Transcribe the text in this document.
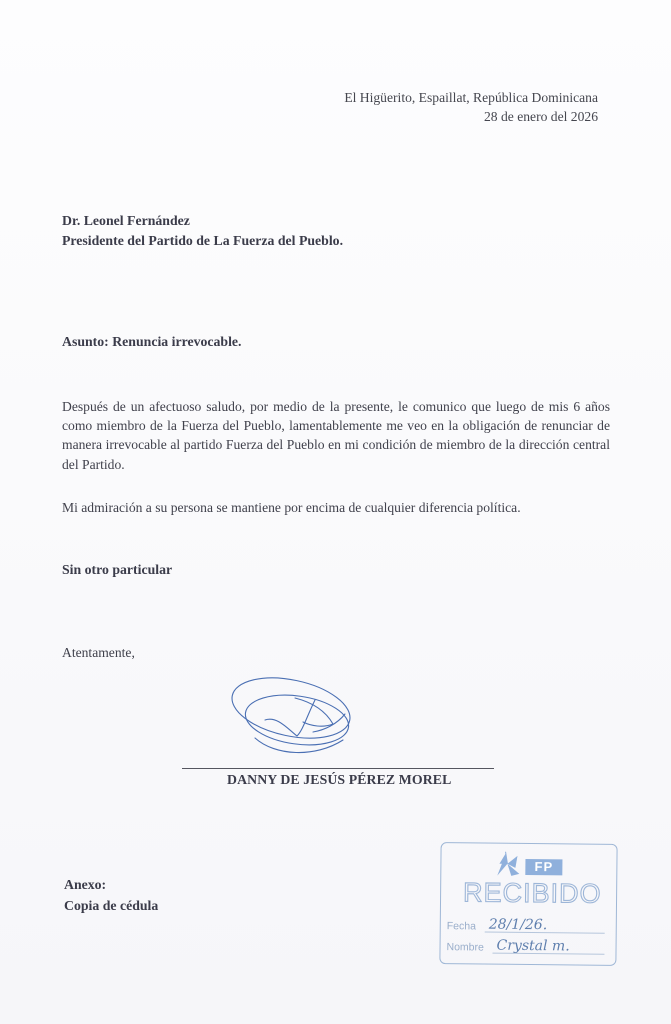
El Higüerito, Espaillat, República Dominicana
28 de enero del 2026
Dr. Leonel Fernández
Presidente del Partido de La Fuerza del Pueblo.
Asunto: Renuncia irrevocable.
Después de un afectuoso saludo, por medio de la presente, le comunico que luego de mis 6 años como miembro de la Fuerza del Pueblo, lamentablemente me veo en la obligación de renunciar de manera irrevocable al partido Fuerza del Pueblo en mi condición de miembro de la dirección central del Partido.
Mi admiración a su persona se mantiene por encima de cualquier diferencia política.
Sin otro particular
Atentamente,
DANNY DE JESÚS PÉREZ MOREL
Anexo:
Copia de cédula
FP
RECIBIDO
Fecha 28/1/26.
Nombre Crystal m.
